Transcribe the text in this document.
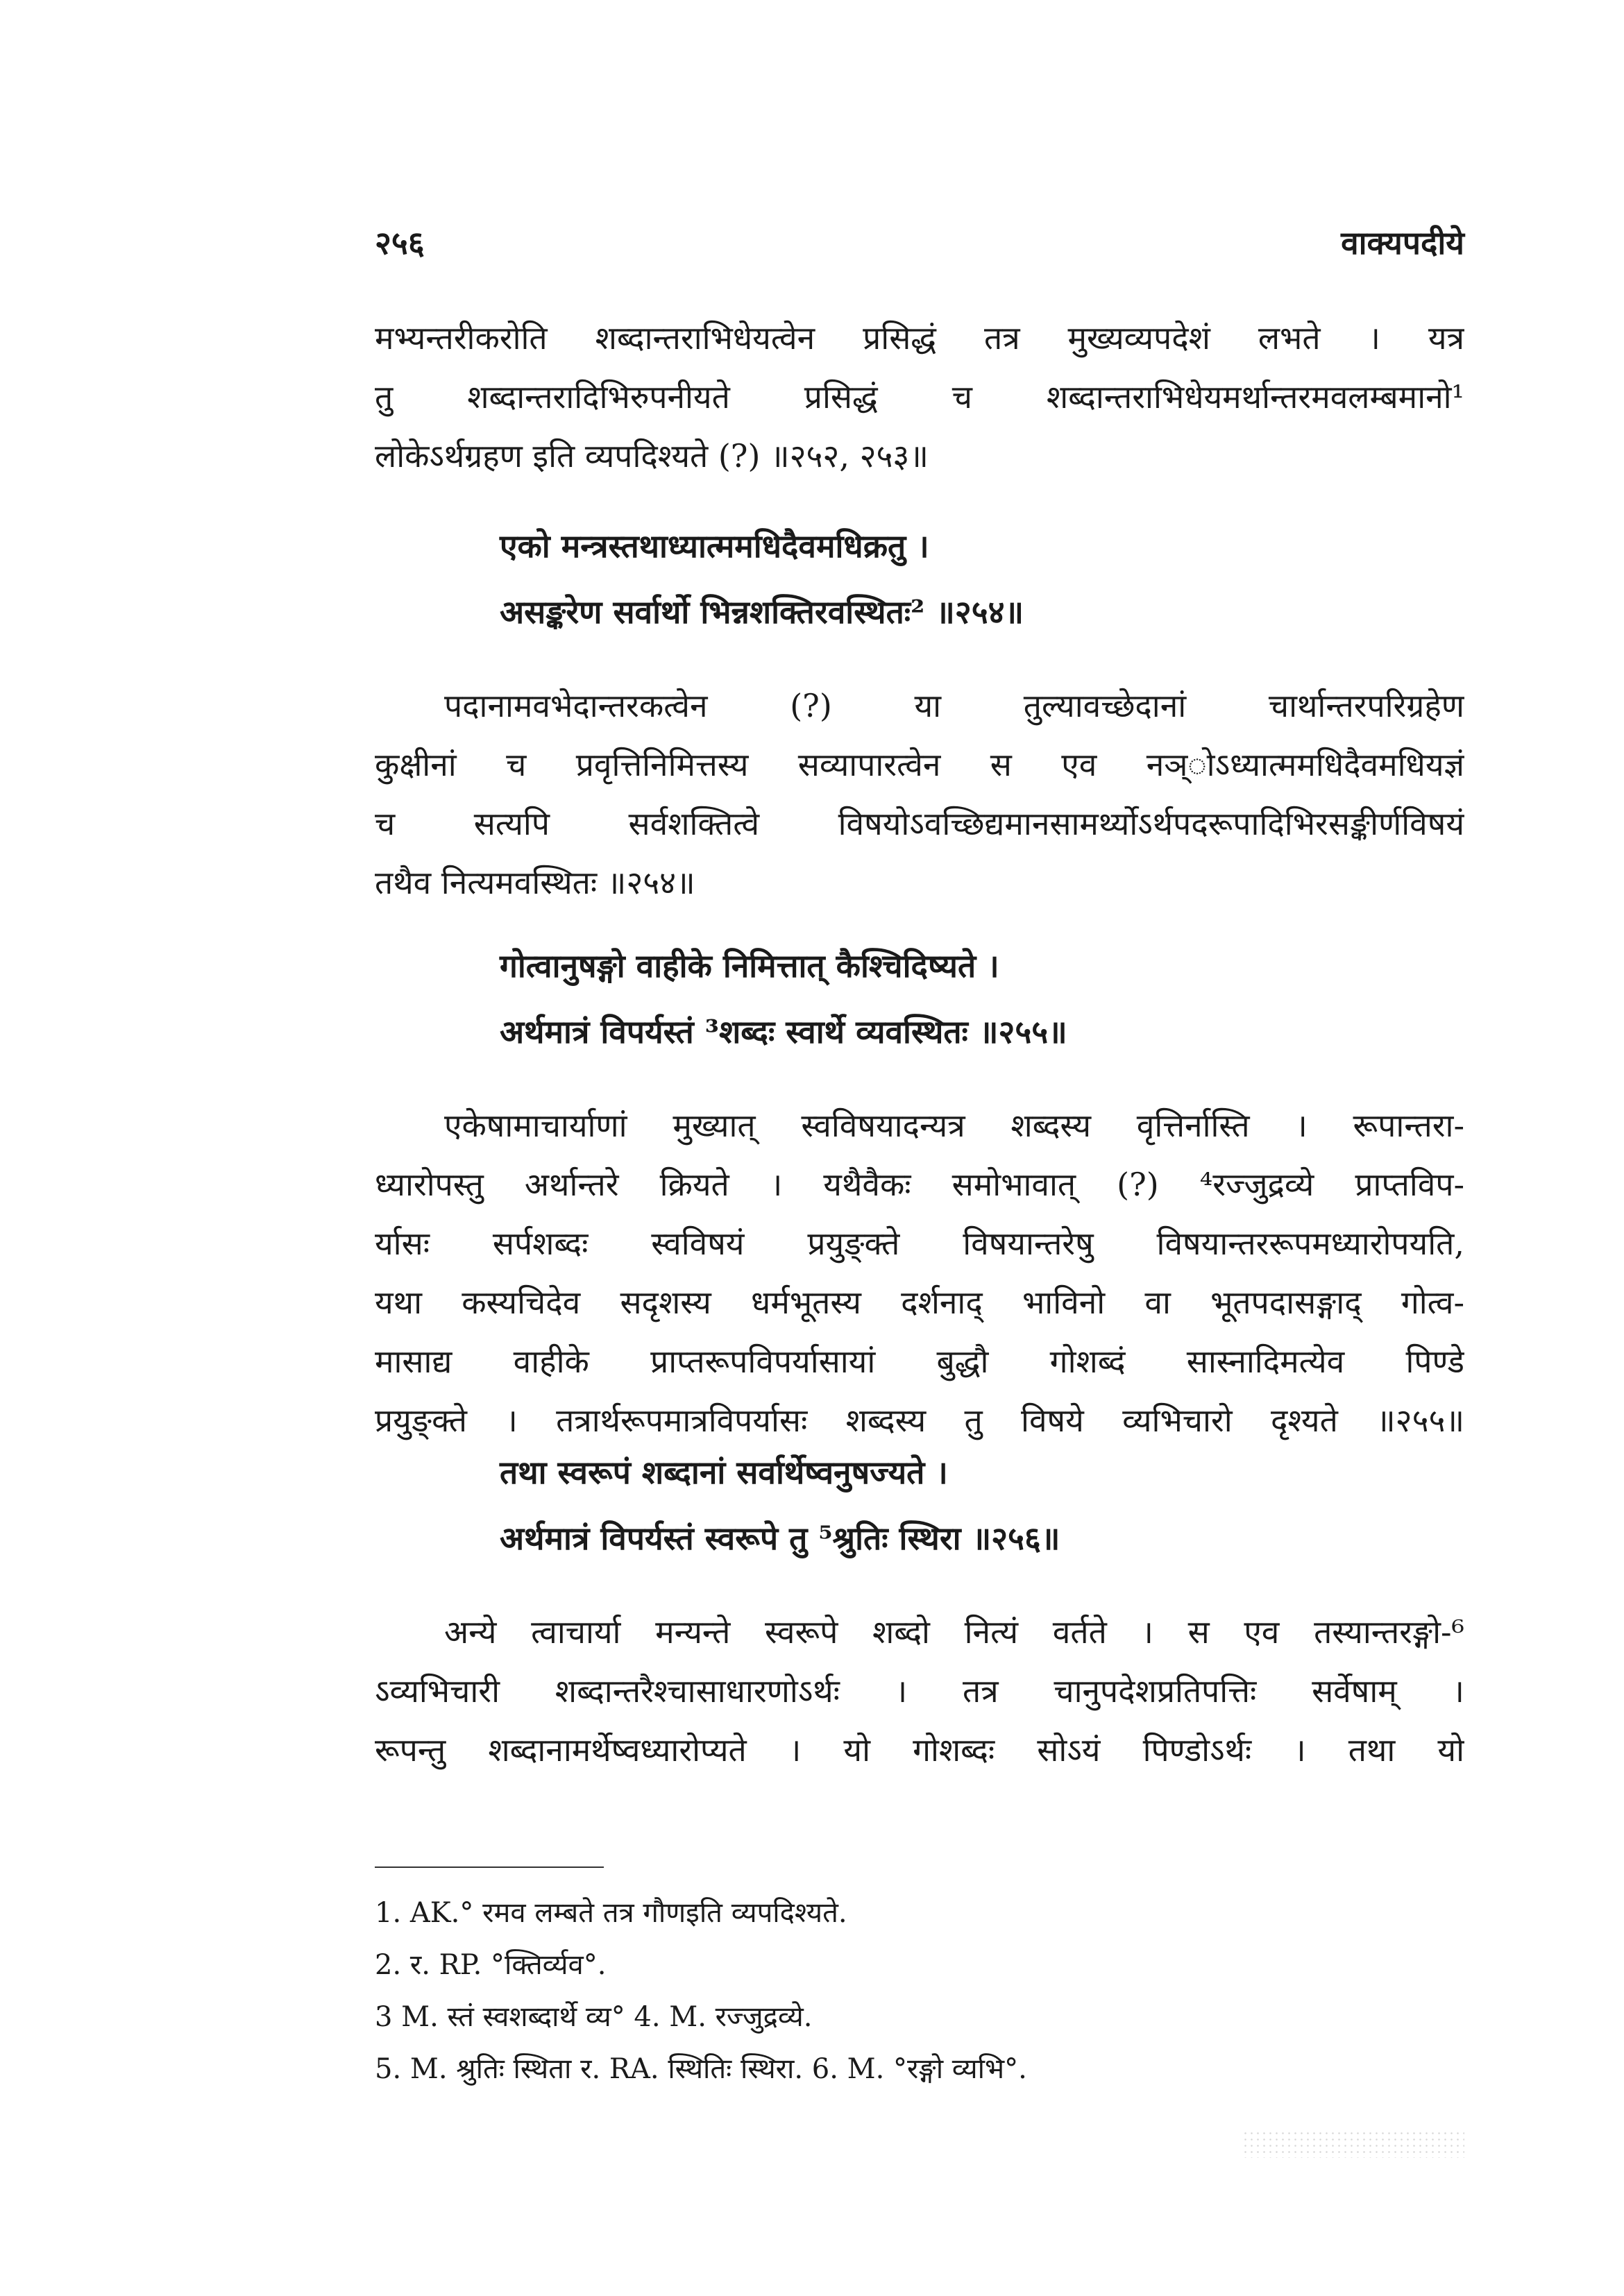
२५६	वाक्यपदीये
मभ्यन्तरीकरोति शब्दान्तराभिधेयत्वेन प्रसिद्धं तत्र मुख्यव्यपदेशं लभते । यत्र
तु शब्दान्तरादिभिरुपनीयते प्रसिद्धं च शब्दान्तराभिधेयमर्थान्तरमवलम्बमानो¹
लोकेऽर्थग्रहण इति व्यपदिश्यते (?) ॥२५२, २५३॥
एको मन्त्रस्तथाध्यात्ममधिदैवमधिक्रतु ।
असङ्करेण सर्वार्थो भिन्नशक्तिरवस्थितः² ॥२५४॥
पदानामवभेदान्तरकत्वेन (?) या तुल्यावच्छेदानां चार्थान्तरपरिग्रहेण
कुक्षीनां च प्रवृत्तिनिमित्तस्य सव्यापारत्वेन स एव नञ्ोऽध्यात्ममधिदैवमधियज्ञं
च सत्यपि सर्वशक्तित्वे विषयोऽवच्छिद्यमानसामर्थ्योऽर्थपदरूपादिभिरसङ्कीर्णविषयं
तथैव नित्यमवस्थितः ॥२५४॥
गोत्वानुषङ्गो वाहीके निमित्तात् कैश्चिदिष्यते ।
अर्थमात्रं विपर्यस्तं ³शब्दः स्वार्थे व्यवस्थितः ॥२५५॥
एकेषामाचार्याणां मुख्यात् स्वविषयादन्यत्र शब्दस्य वृत्तिर्नास्ति । रूपान्तरा-
ध्यारोपस्तु अर्थान्तरे क्रियते । यथैवैकः समोभावात् (?) ⁴रज्जुद्रव्ये प्राप्तविप-
र्यासः सर्पशब्दः स्वविषयं प्रयुङ्क्ते विषयान्तरेषु विषयान्तररूपमध्यारोपयति,
यथा कस्यचिदेव सदृशस्य धर्मभूतस्य दर्शनाद् भाविनो वा भूतपदासङ्गाद् गोत्व-
मासाद्य वाहीके प्राप्तरूपविपर्यासायां बुद्धौ गोशब्दं सास्नादिमत्येव पिण्डे
प्रयुङ्क्ते । तत्रार्थरूपमात्रविपर्यासः शब्दस्य तु विषये व्यभिचारो दृश्यते ॥२५५॥
तथा स्वरूपं शब्दानां सर्वार्थेष्वनुषज्यते ।
अर्थमात्रं विपर्यस्तं स्वरूपे तु ⁵श्रुतिः स्थिरा ॥२५६॥
अन्ये त्वाचार्या मन्यन्ते स्वरूपे शब्दो नित्यं वर्तते । स एव तस्यान्तरङ्गो-⁶
ऽव्यभिचारी शब्दान्तरैश्चासाधारणोऽर्थः । तत्र चानुपदेशप्रतिपत्तिः सर्वेषाम् ।
रूपन्तु शब्दानामर्थेष्वध्यारोप्यते । यो गोशब्दः सोऽयं पिण्डोऽर्थः । तथा यो
1. AK.° रमव लम्बते तत्र गौणइति व्यपदिश्यते.
2. र. RP. °क्तिर्व्यव°.
3 M. स्तं स्वशब्दार्थे व्य° 4. M. रज्जुद्रव्ये.
5. M. श्रुतिः स्थिता र. RA. स्थितिः स्थिरा. 6. M. °रङ्गो व्यभि°.
